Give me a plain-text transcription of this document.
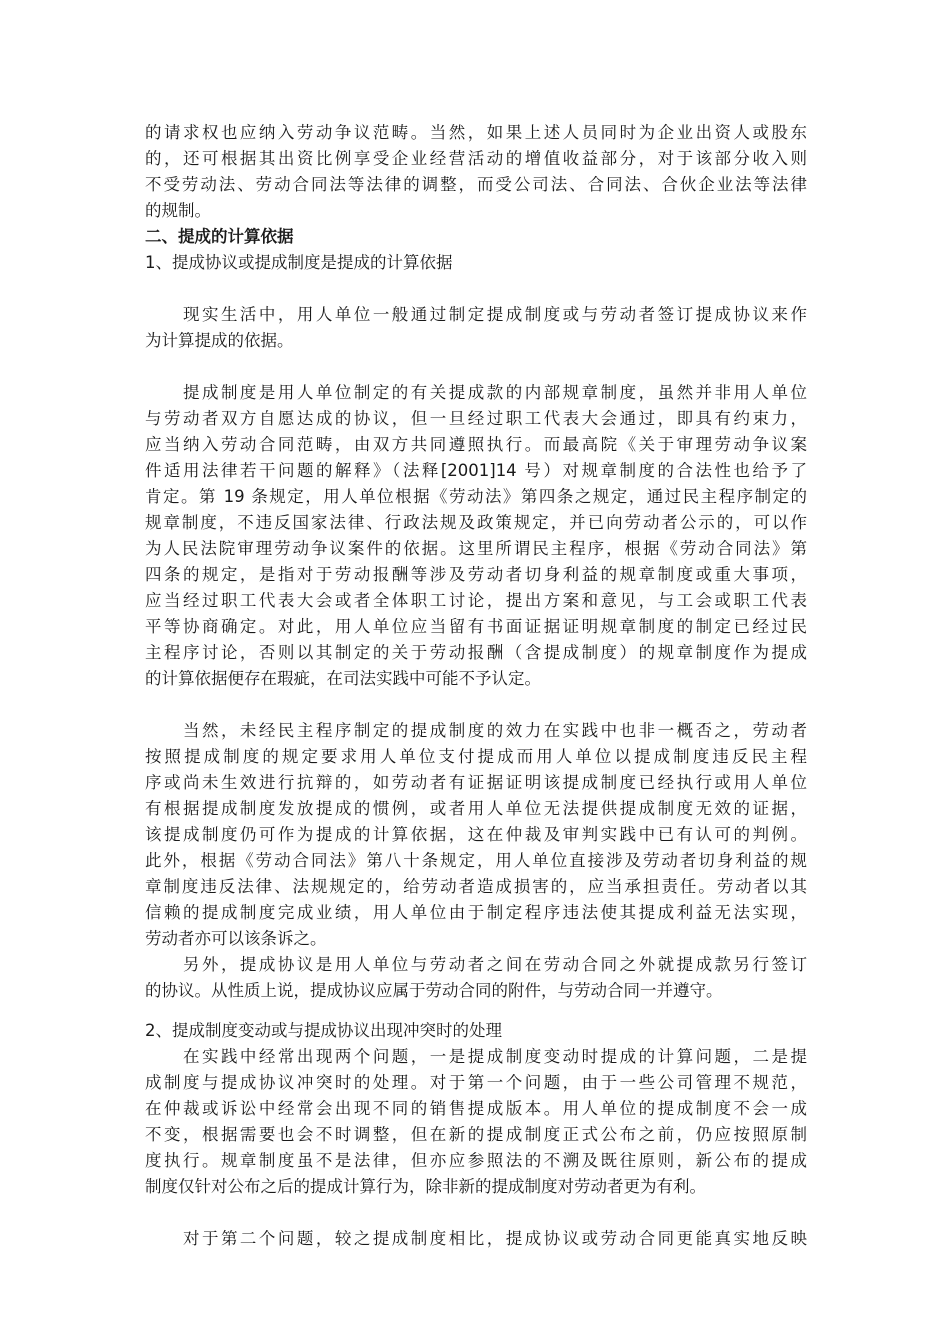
的请求权也应纳入劳动争议范畴。当然，如果上述人员同时为企业出资人或股东
的，还可根据其出资比例享受企业经营活动的增值收益部分，对于该部分收入则
不受劳动法、劳动合同法等法律的调整，而受公司法、合同法、合伙企业法等法律
的规制。
二、提成的计算依据
1、提成协议或提成制度是提成的计算依据
　　现实生活中，用人单位一般通过制定提成制度或与劳动者签订提成协议来作
为计算提成的依据。
　　提成制度是用人单位制定的有关提成款的内部规章制度，虽然并非用人单位
与劳动者双方自愿达成的协议，但一旦经过职工代表大会通过，即具有约束力，
应当纳入劳动合同范畴，由双方共同遵照执行。而最高院《关于审理劳动争议案
件适用法律若干问题的解释》（法释[2001]14 号）对规章制度的合法性也给予了
肯定。第 19 条规定，用人单位根据《劳动法》第四条之规定，通过民主程序制定的
规章制度，不违反国家法律、行政法规及政策规定，并已向劳动者公示的，可以作
为人民法院审理劳动争议案件的依据。这里所谓民主程序，根据《劳动合同法》第
四条的规定，是指对于劳动报酬等涉及劳动者切身利益的规章制度或重大事项，
应当经过职工代表大会或者全体职工讨论，提出方案和意见，与工会或职工代表
平等协商确定。对此，用人单位应当留有书面证据证明规章制度的制定已经过民
主程序讨论，否则以其制定的关于劳动报酬（含提成制度）的规章制度作为提成
的计算依据便存在瑕疵，在司法实践中可能不予认定。
　　当然，未经民主程序制定的提成制度的效力在实践中也非一概否之，劳动者
按照提成制度的规定要求用人单位支付提成而用人单位以提成制度违反民主程
序或尚未生效进行抗辩的，如劳动者有证据证明该提成制度已经执行或用人单位
有根据提成制度发放提成的惯例，或者用人单位无法提供提成制度无效的证据，
该提成制度仍可作为提成的计算依据，这在仲裁及审判实践中已有认可的判例。
此外，根据《劳动合同法》第八十条规定，用人单位直接涉及劳动者切身利益的规
章制度违反法律、法规规定的，给劳动者造成损害的，应当承担责任。劳动者以其
信赖的提成制度完成业绩，用人单位由于制定程序违法使其提成利益无法实现，
劳动者亦可以该条诉之。
　　另外，提成协议是用人单位与劳动者之间在劳动合同之外就提成款另行签订
的协议。从性质上说，提成协议应属于劳动合同的附件，与劳动合同一并遵守。
2、提成制度变动或与提成协议出现冲突时的处理
　　在实践中经常出现两个问题，一是提成制度变动时提成的计算问题，二是提
成制度与提成协议冲突时的处理。对于第一个问题，由于一些公司管理不规范，
在仲裁或诉讼中经常会出现不同的销售提成版本。用人单位的提成制度不会一成
不变，根据需要也会不时调整，但在新的提成制度正式公布之前，仍应按照原制
度执行。规章制度虽不是法律，但亦应参照法的不溯及既往原则，新公布的提成
制度仅针对公布之后的提成计算行为，除非新的提成制度对劳动者更为有利。
　　对于第二个问题，较之提成制度相比，提成协议或劳动合同更能真实地反映
